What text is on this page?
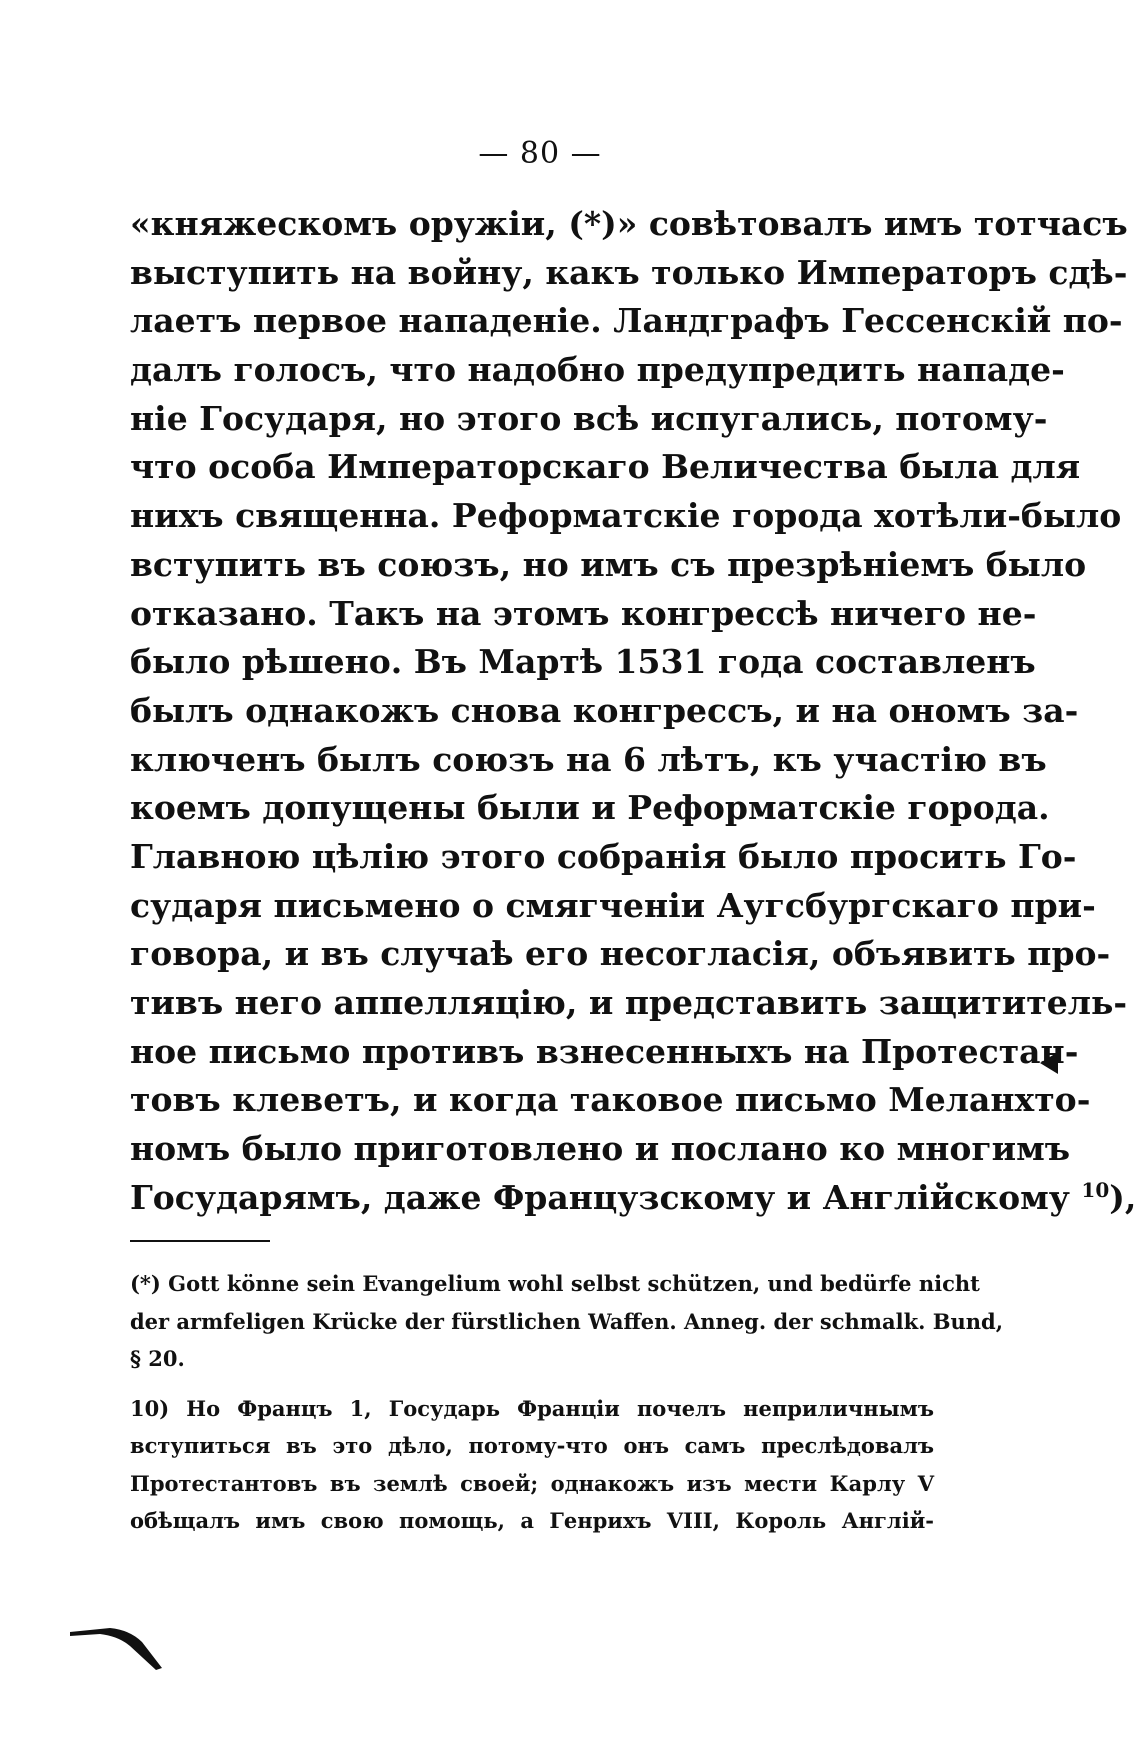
— 80 —
«княжескомъ оружіи, (*)» совѣтовалъ имъ тотчасъ
выступить на войну, какъ только Императоръ сдѣ-
лаетъ первое нападеніе. Ландграфъ Гессенскій по-
далъ голосъ, что надобно предупредить нападе-
ніе Государя, но этого всѣ испугались, потому-
что особа Императорскаго Величества была для
нихъ священна. Реформатскіе города хотѣли-было
вступить въ союзъ, но имъ съ презрѣніемъ было
отказано. Такъ на этомъ конгрессѣ ничего не-
было рѣшено. Въ Мартѣ 1531 года составленъ
былъ однакожъ снова конгрессъ, и на ономъ за-
ключенъ былъ союзъ на 6 лѣтъ, къ участію въ
коемъ допущены были и Реформатскіе города.
Главною цѣлію этого собранія было просить Го-
сударя письмено о смягченіи Аугсбургскаго при-
говора, и въ случаѣ его несогласія, объявить про-
тивъ него аппелляцію, и представить защититель-
ное письмо противъ взнесенныхъ на Протестан-
товъ клеветъ, и когда таковое письмо Меланхто-
номъ было приготовлено и послано ко многимъ
Государямъ, даже Французскому и Англійскому $^{10}$),
(*) Gott könne sein Evangelium wohl selbst schützen, und bedürfe nicht
der armfeligen Krücke der fürstlichen Waffen. Anneg. der schmalk. Bund,
§ 20.
10) Но Францъ 1, Государь Франціи почелъ неприличнымъ
вступиться въ это дѣло, потому-что онъ самъ преслѣдовалъ
Протестантовъ въ землѣ своей; однакожъ изъ мести Карлу V
обѣщалъ имъ свою помощь, а Генрихъ VIII, Король Англій-
